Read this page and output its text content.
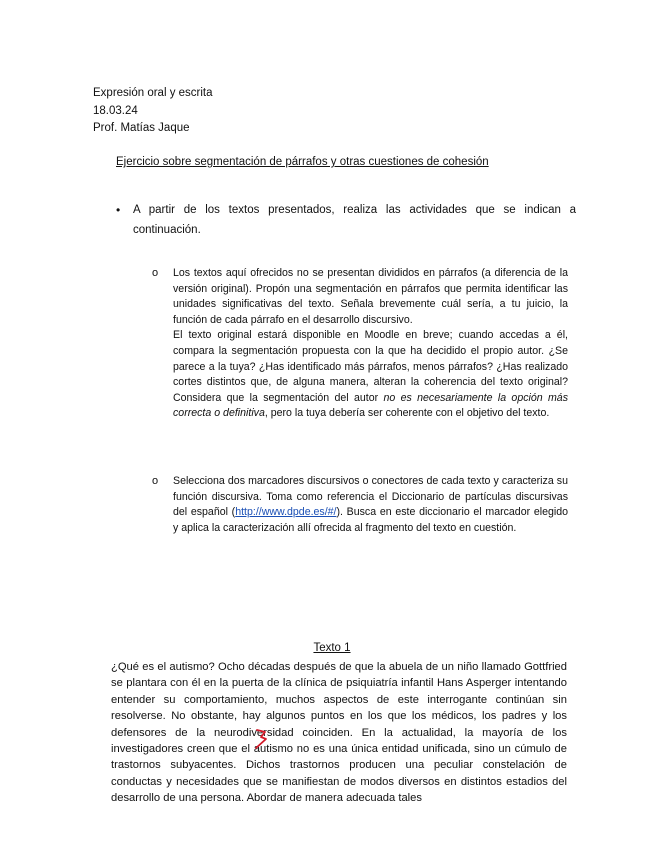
Expresión oral y escrita
18.03.24
Prof. Matías Jaque
Ejercicio sobre segmentación de párrafos y otras cuestiones de cohesión
• A partir de los textos presentados, realiza las actividades que se indican a continuación.
o Los textos aquí ofrecidos no se presentan divididos en párrafos (a diferencia de la versión original). Propón una segmentación en párrafos que permita identificar las unidades significativas del texto. Señala brevemente cuál sería, a tu juicio, la función de cada párrafo en el desarrollo discursivo.

El texto original estará disponible en Moodle en breve; cuando accedas a él, compara la segmentación propuesta con la que ha decidido el propio autor. ¿Se parece a la tuya? ¿Has identificado más párrafos, menos párrafos? ¿Has realizado cortes distintos que, de alguna manera, alteran la coherencia del texto original? Considera que la segmentación del autor no es necesariamente la opción más correcta o definitiva, pero la tuya debería ser coherente con el objetivo del texto.

o Selecciona dos marcadores discursivos o conectores de cada texto y caracteriza su función discursiva. Toma como referencia el Diccionario de partículas discursivas del español (http://www.dpde.es/#/). Busca en este diccionario el marcador elegido y aplica la caracterización allí ofrecida al fragmento del texto en cuestión.

Texto 1

¿Qué es el autismo? Ocho décadas después de que la abuela de un niño llamado Gottfried se plantara con él en la puerta de la clínica de psiquiatría infantil Hans Asperger intentando entender su comportamiento, muchos aspectos de este interrogante continúan sin resolverse. No obstante, hay algunos puntos en los que los médicos, los padres y los defensores de la neurodiversidad coinciden. En la actualidad, la mayoría de los investigadores creen que el autismo no es una única entidad unificada, sino un cúmulo de trastornos subyacentes. Dichos trastornos producen una peculiar constelación de conductas y necesidades que se manifiestan de modos diversos en distintos estadios del desarrollo de una persona. Abordar de manera adecuada tales
